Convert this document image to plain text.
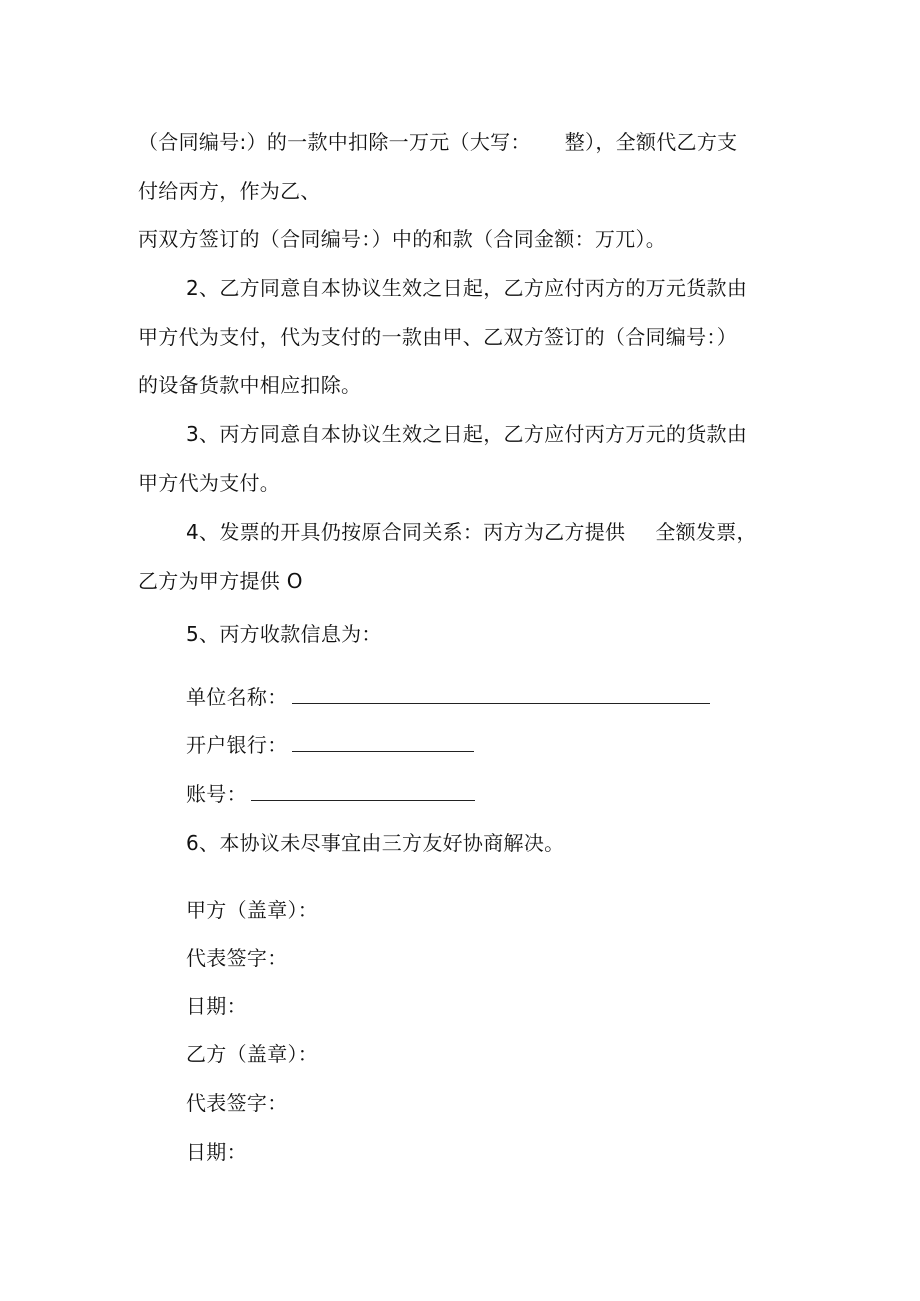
（合同编号:）的一款中扣除一万元（大写： 整），全额代乙方支
付给丙方，作为乙、
丙双方签订的（合同编号：）中的和款（合同金额：万兀）。
2、乙方同意自本协议生效之日起，乙方应付丙方的万元货款由
甲方代为支付，代为支付的一款由甲、乙双方签订的（合同编号：）
的设备货款中相应扣除。
3、丙方同意自本协议生效之日起，乙方应付丙方万元的货款由
甲方代为支付。
4、发票的开具仍按原合同关系：丙方为乙方提供 全额发票，
乙方为甲方提供 O
5、丙方收款信息为：
单位名称：
开户银行：
账号：
6、本协议未尽事宜由三方友好协商解决。
甲方（盖章）：
代表签字：
日期：
乙方（盖章）：
代表签字：
日期：
